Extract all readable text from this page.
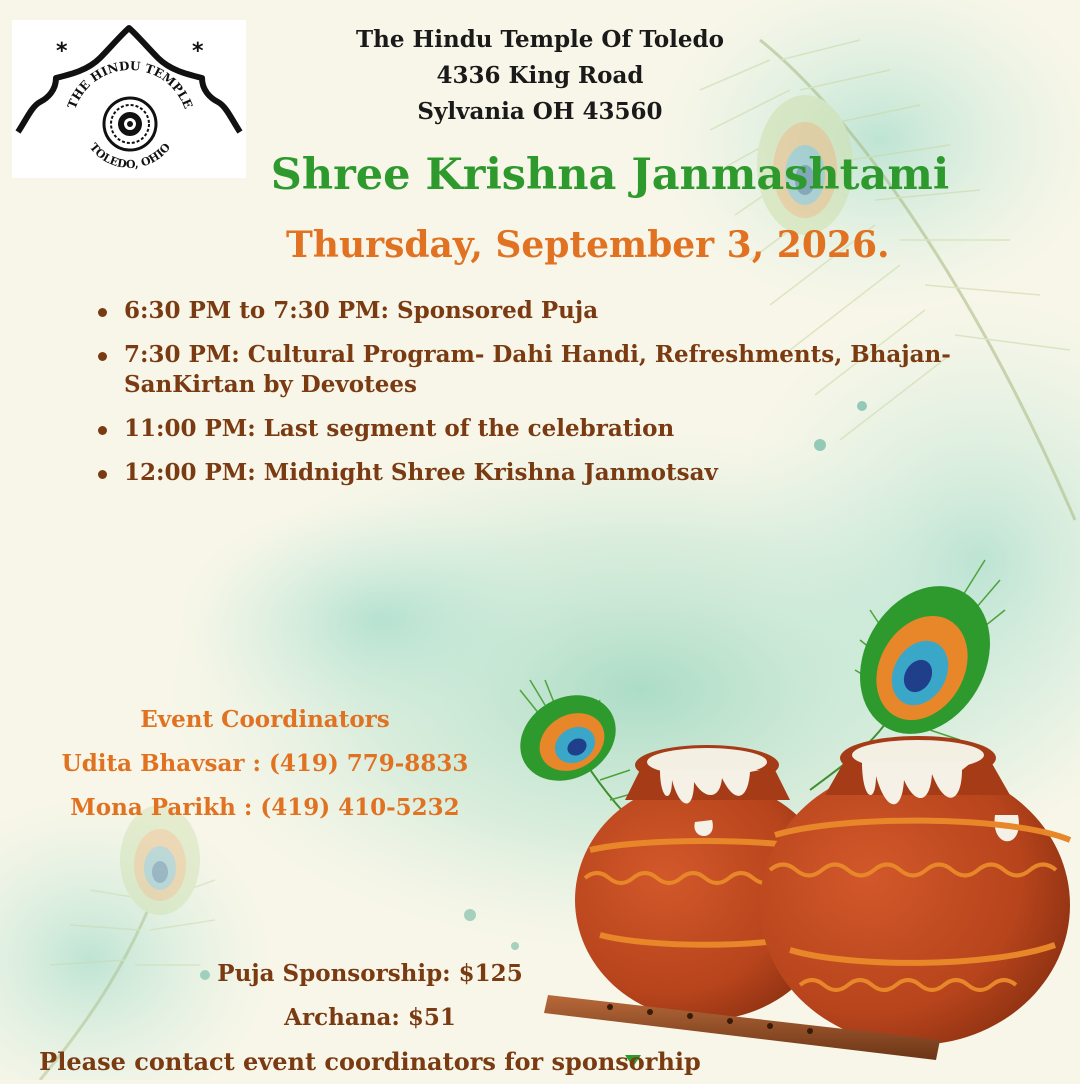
*	*
THE HINDU TEMPLE
TOLEDO, OHIO
The Hindu Temple Of Toledo
4336 King Road
Sylvania OH 43560
Shree Krishna Janmashtami
Thursday, September 3, 2026.
6:30 PM to 7:30 PM: Sponsored Puja
7:30 PM: Cultural Program- Dahi Handi, Refreshments, Bhajan-SanKirtan by Devotees
11:00 PM: Last segment of the celebration
12:00 PM: Midnight Shree Krishna Janmotsav
Event Coordinators
Udita Bhavsar : (419) 779-8833
Mona Parikh : (419) 410-5232
Puja Sponsorship: $125
Archana: $51
Please contact event coordinators for sponsorhip
